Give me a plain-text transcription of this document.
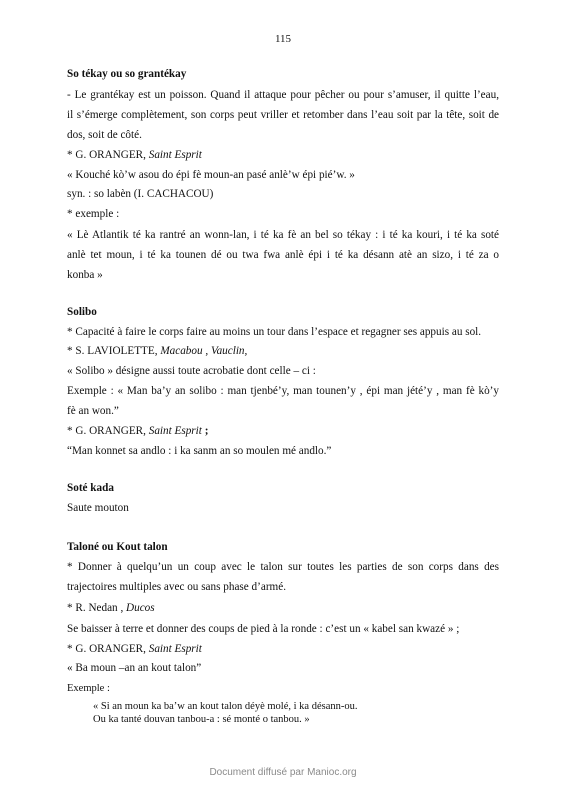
115
So tékay ou so grantékay
- Le grantékay est un poisson. Quand il attaque pour pêcher ou pour s’amuser, il quitte l’eau,
il s’émerge complètement, son corps peut vriller et retomber dans l’eau soit par la tête, soit de
dos, soit de côté.
* G. ORANGER, Saint Esprit
« Kouché kò’w asou do épi fè moun-an pasé anlè’w épi pié’w. »
syn. : so labèn (I. CACHACOU)
* exemple :
« Lè Atlantik té ka rantré an wonn-lan, i té ka fè an bel so tékay : i té ka kouri, i té ka soté
anlè tet moun, i té ka tounen dé ou twa fwa anlè épi i té ka désann atè an sizo, i té za o
konba »
Solibo
* Capacité à faire le corps faire au moins un tour dans l’espace et regagner ses appuis au sol.
* S. LAVIOLETTE, Macabou , Vauclin,
« Solibo » désigne aussi toute acrobatie dont celle – ci :
Exemple : « Man ba’y an solibo : man tjenbé’y, man tounen’y , épi man jété’y , man fè kò’y
fè an won.”
* G. ORANGER, Saint Esprit ;
“Man konnet sa andlo : i ka sanm an so moulen mé andlo.”
Soté kada
Saute mouton
Taloné ou Kout talon
* Donner à quelqu’un un coup avec le talon sur toutes les parties de son corps dans des
trajectoires multiples avec ou sans phase d’armé.
* R. Nedan , Ducos
Se baisser à terre et donner des coups de pied à la ronde : c’est un « kabel san kwazé » ;
* G. ORANGER, Saint Esprit
« Ba moun –an an kout talon”
Exemple :
« Si an moun ka ba’w an kout talon déyè molé, i ka désann-ou.
Ou ka tanté douvan tanbou-a : sé monté o tanbou. »
Document diffusé par Manioc.org
